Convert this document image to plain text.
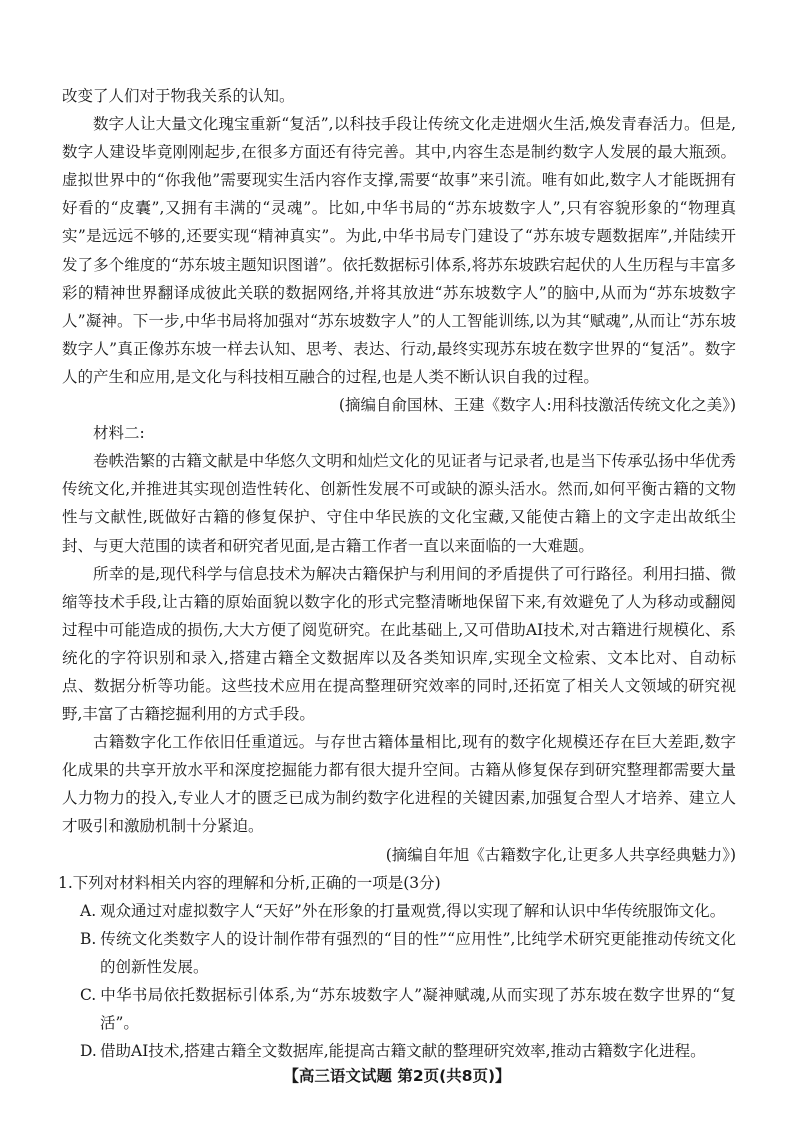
改变了人们对于物我关系的认知。

数字人让大量文化瑰宝重新“复活”,以科技手段让传统文化走进烟火生活,焕发青春活力。但是,数字人建设毕竟刚刚起步,在很多方面还有待完善。其中,内容生态是制约数字人发展的最大瓶颈。虚拟世界中的“你我他”需要现实生活内容作支撑,需要“故事”来引流。唯有如此,数字人才能既拥有好看的“皮囊”,又拥有丰满的“灵魂”。比如,中华书局的“苏东坡数字人”,只有容貌形象的“物理真实”是远远不够的,还要实现“精神真实”。为此,中华书局专门建设了“苏东坡专题数据库”,并陆续开发了多个维度的“苏东坡主题知识图谱”。依托数据标引体系,将苏东坡跌宕起伏的人生历程与丰富多彩的精神世界翻译成彼此关联的数据网络,并将其放进“苏东坡数字人”的脑中,从而为“苏东坡数字人”凝神。下一步,中华书局将加强对“苏东坡数字人”的人工智能训练,以为其“赋魂”,从而让“苏东坡数字人”真正像苏东坡一样去认知、思考、表达、行动,最终实现苏东坡在数字世界的“复活”。数字人的产生和应用,是文化与科技相互融合的过程,也是人类不断认识自我的过程。

(摘编自俞国林、王建《数字人:用科技激活传统文化之美》)

材料二:

卷帙浩繁的古籍文献是中华悠久文明和灿烂文化的见证者与记录者,也是当下传承弘扬中华优秀传统文化,并推进其实现创造性转化、创新性发展不可或缺的源头活水。然而,如何平衡古籍的文物性与文献性,既做好古籍的修复保护、守住中华民族的文化宝藏,又能使古籍上的文字走出故纸尘封、与更大范围的读者和研究者见面,是古籍工作者一直以来面临的一大难题。

所幸的是,现代科学与信息技术为解决古籍保护与利用间的矛盾提供了可行路径。利用扫描、微缩等技术手段,让古籍的原始面貌以数字化的形式完整清晰地保留下来,有效避免了人为移动或翻阅过程中可能造成的损伤,大大方便了阅览研究。在此基础上,又可借助AI技术,对古籍进行规模化、系统化的字符识别和录入,搭建古籍全文数据库以及各类知识库,实现全文检索、文本比对、自动标点、数据分析等功能。这些技术应用在提高整理研究效率的同时,还拓宽了相关人文领域的研究视野,丰富了古籍挖掘利用的方式手段。

古籍数字化工作依旧任重道远。与存世古籍体量相比,现有的数字化规模还存在巨大差距,数字化成果的共享开放水平和深度挖掘能力都有很大提升空间。古籍从修复保存到研究整理都需要大量人力物力的投入,专业人才的匮乏已成为制约数字化进程的关键因素,加强复合型人才培养、建立人才吸引和激励机制十分紧迫。

(摘编自年旭《古籍数字化,让更多人共享经典魅力》)

1.下列对材料相关内容的理解和分析,正确的一项是(3分)

A. 观众通过对虚拟数字人“天好”外在形象的打量观赏,得以实现了解和认识中华传统服饰文化。

B. 传统文化类数字人的设计制作带有强烈的“目的性”“应用性”,比纯学术研究更能推动传统文化的创新性发展。

C. 中华书局依托数据标引体系,为“苏东坡数字人”凝神赋魂,从而实现了苏东坡在数字世界的“复活”。

D. 借助AI技术,搭建古籍全文数据库,能提高古籍文献的整理研究效率,推动古籍数字化进程。

【高三语文试题 第2页(共8页)】
